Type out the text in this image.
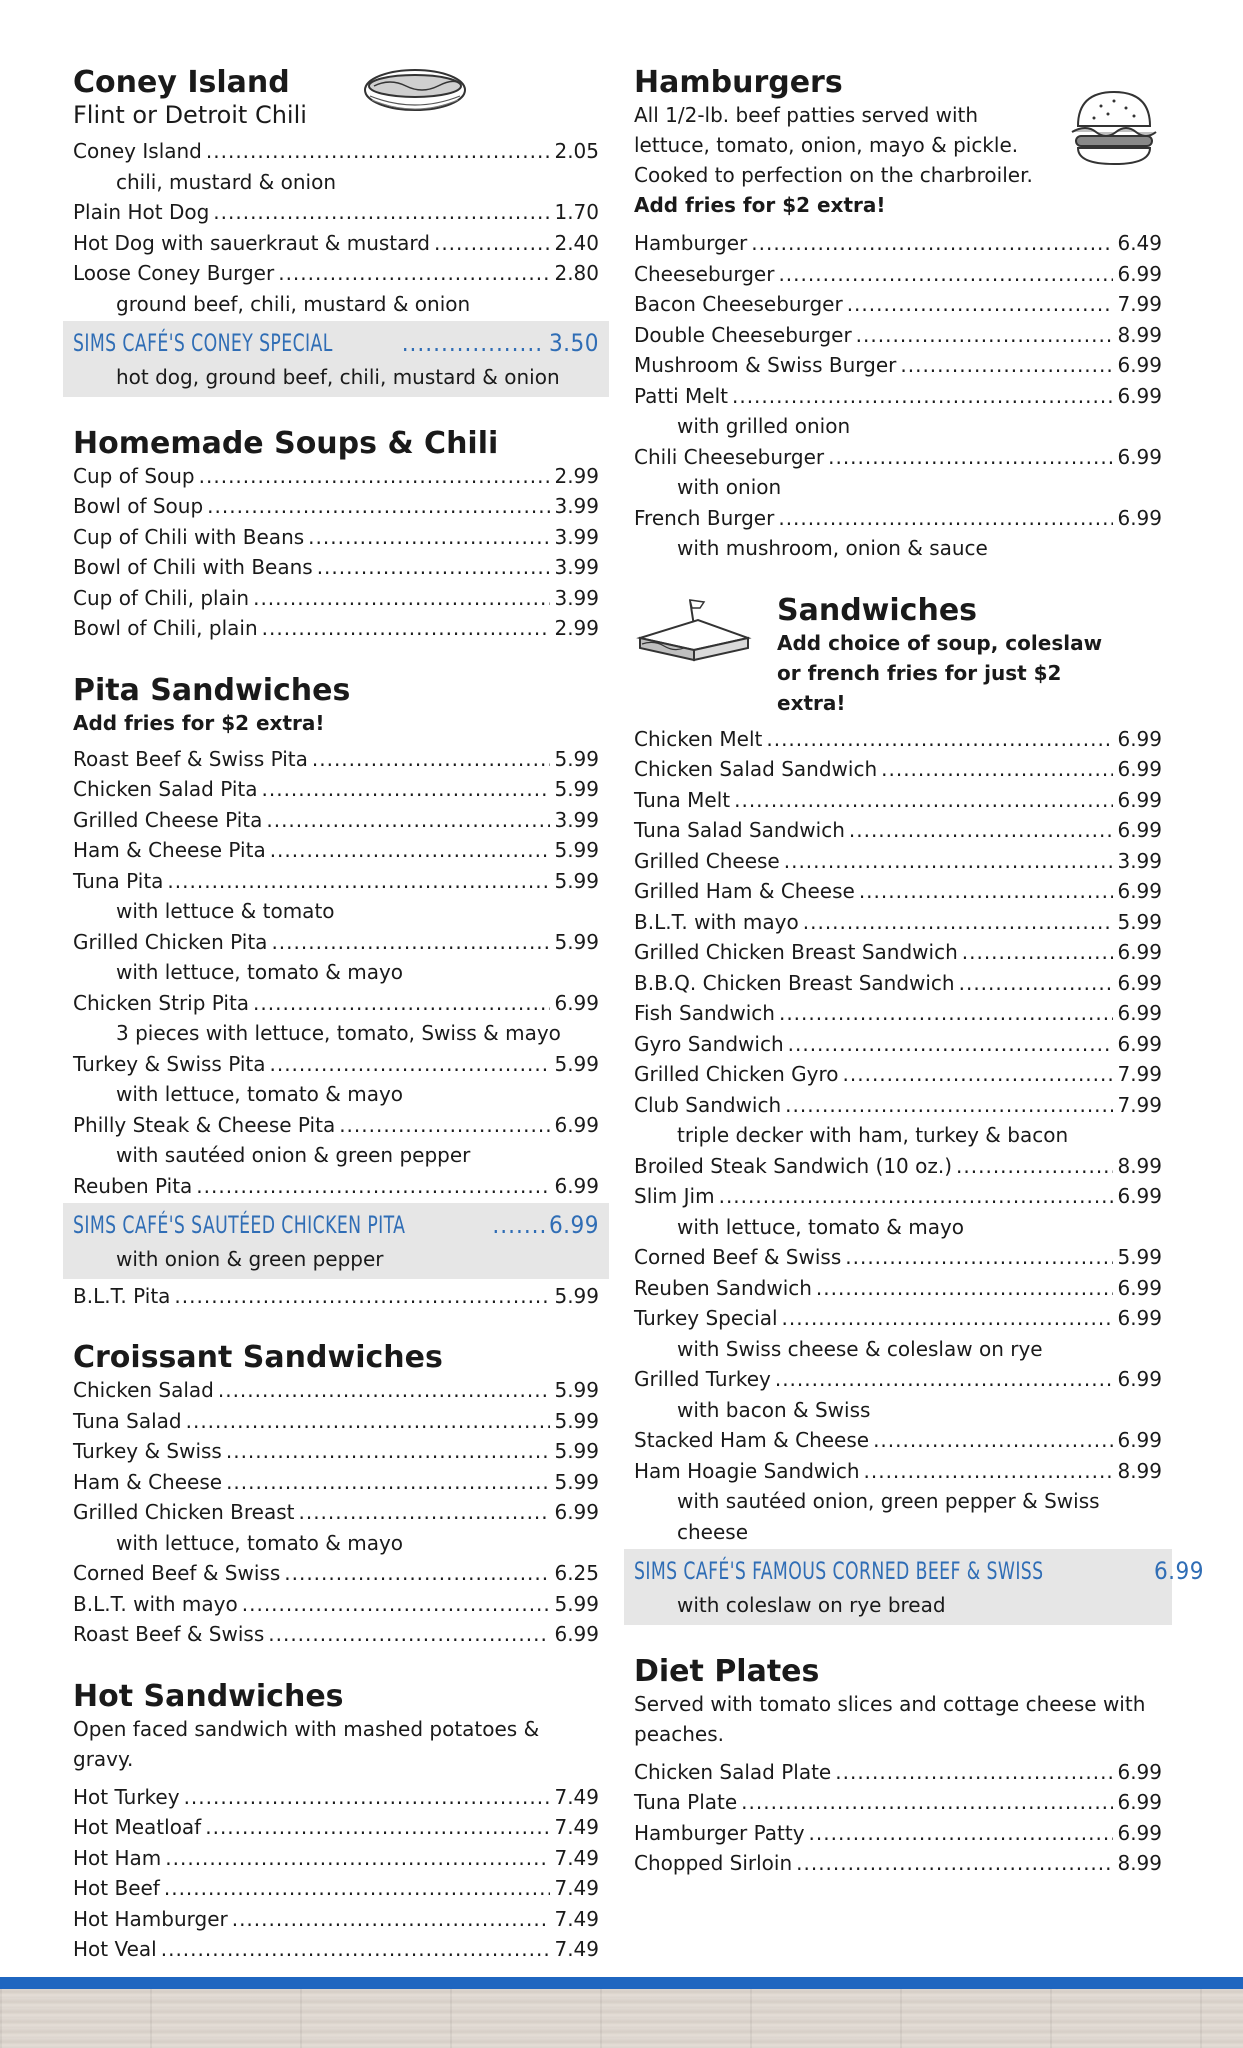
Coney Island

Flint or Detroit Chili

Coney Island .....	2.05
chili, mustard & onion
Plain Hot Dog .....	1.70
Hot Dog with sauerkraut & mustard .....	2.40
Loose Coney Burger .....	2.80
ground beef, chili, mustard & onion
SIMS CAFÉ'S CONEY SPECIAL .....	3.50
hot dog, ground beef, chili, mustard & onion
Homemade Soups & Chili
Cup of Soup .....	2.99
Bowl of Soup .....	3.99
Cup of Chili with Beans .....	3.99
Bowl of Chili with Beans .....	3.99
Cup of Chili, plain .....	3.99
Bowl of Chili, plain .....	2.99
Pita Sandwiches

Add fries for $2 extra!

Roast Beef & Swiss Pita .....	5.99
Chicken Salad Pita .....	5.99
Grilled Cheese Pita .....	3.99
Ham & Cheese Pita .....	5.99
Tuna Pita .....	5.99
with lettuce & tomato
Grilled Chicken Pita .....	5.99
with lettuce, tomato & mayo
Chicken Strip Pita .....	6.99
3 pieces with lettuce, tomato, Swiss & mayo
Turkey & Swiss Pita .....	5.99
with lettuce, tomato & mayo
Philly Steak & Cheese Pita .....	6.99
with sautéed onion & green pepper
Reuben Pita .....	6.99
SIMS CAFÉ'S SAUTÉED CHICKEN PITA .....	6.99
with onion & green pepper
B.L.T. Pita .....	5.99
Croissant Sandwiches
Chicken Salad .....	5.99
Tuna Salad .....	5.99
Turkey & Swiss .....	5.99
Ham & Cheese .....	5.99
Grilled Chicken Breast .....	6.99
with lettuce, tomato & mayo
Corned Beef & Swiss .....	6.25
B.L.T. with mayo .....	5.99
Roast Beef & Swiss .....	6.99
Hot Sandwiches

Open faced sandwich with mashed potatoes & gravy.

Hot Turkey .....	7.49
Hot Meatloaf .....	7.49
Hot Ham .....	7.49
Hot Beef .....	7.49
Hot Hamburger .....	7.49
Hot Veal .....	7.49
Hamburgers

All 1/2-lb. beef patties served with lettuce, tomato, onion, mayo & pickle. Cooked to perfection on the charbroiler. Add fries for $2 extra!

Hamburger .....	6.49
Cheeseburger .....	6.99
Bacon Cheeseburger .....	7.99
Double Cheeseburger .....	8.99
Mushroom & Swiss Burger .....	6.99
Patti Melt .....	6.99
with grilled onion
Chili Cheeseburger .....	6.99
with onion
French Burger .....	6.99
with mushroom, onion & sauce
Sandwiches

Add choice of soup, coleslaw or french fries for just $2 extra!

Chicken Melt .....	6.99
Chicken Salad Sandwich .....	6.99
Tuna Melt .....	6.99
Tuna Salad Sandwich .....	6.99
Grilled Cheese .....	3.99
Grilled Ham & Cheese .....	6.99
B.L.T. with mayo .....	5.99
Grilled Chicken Breast Sandwich .....	6.99
B.B.Q. Chicken Breast Sandwich .....	6.99
Fish Sandwich .....	6.99
Gyro Sandwich .....	6.99
Grilled Chicken Gyro .....	7.99
Club Sandwich .....	7.99
triple decker with ham, turkey & bacon
Broiled Steak Sandwich (10 oz.) .....	8.99
Slim Jim .....	6.99
with lettuce, tomato & mayo
Corned Beef & Swiss .....	5.99
Reuben Sandwich .....	6.99
Turkey Special .....	6.99
with Swiss cheese & coleslaw on rye
Grilled Turkey .....	6.99
with bacon & Swiss
Stacked Ham & Cheese .....	6.99
Ham Hoagie Sandwich .....	8.99
with sautéed onion, green pepper & Swiss cheese
SIMS CAFÉ'S FAMOUS CORNED BEEF & SWISS	6.99
with coleslaw on rye bread
Diet Plates

Served with tomato slices and cottage cheese with peaches.

Chicken Salad Plate .....	6.99
Tuna Plate .....	6.99
Hamburger Patty .....	6.99
Chopped Sirloin .....	8.99
